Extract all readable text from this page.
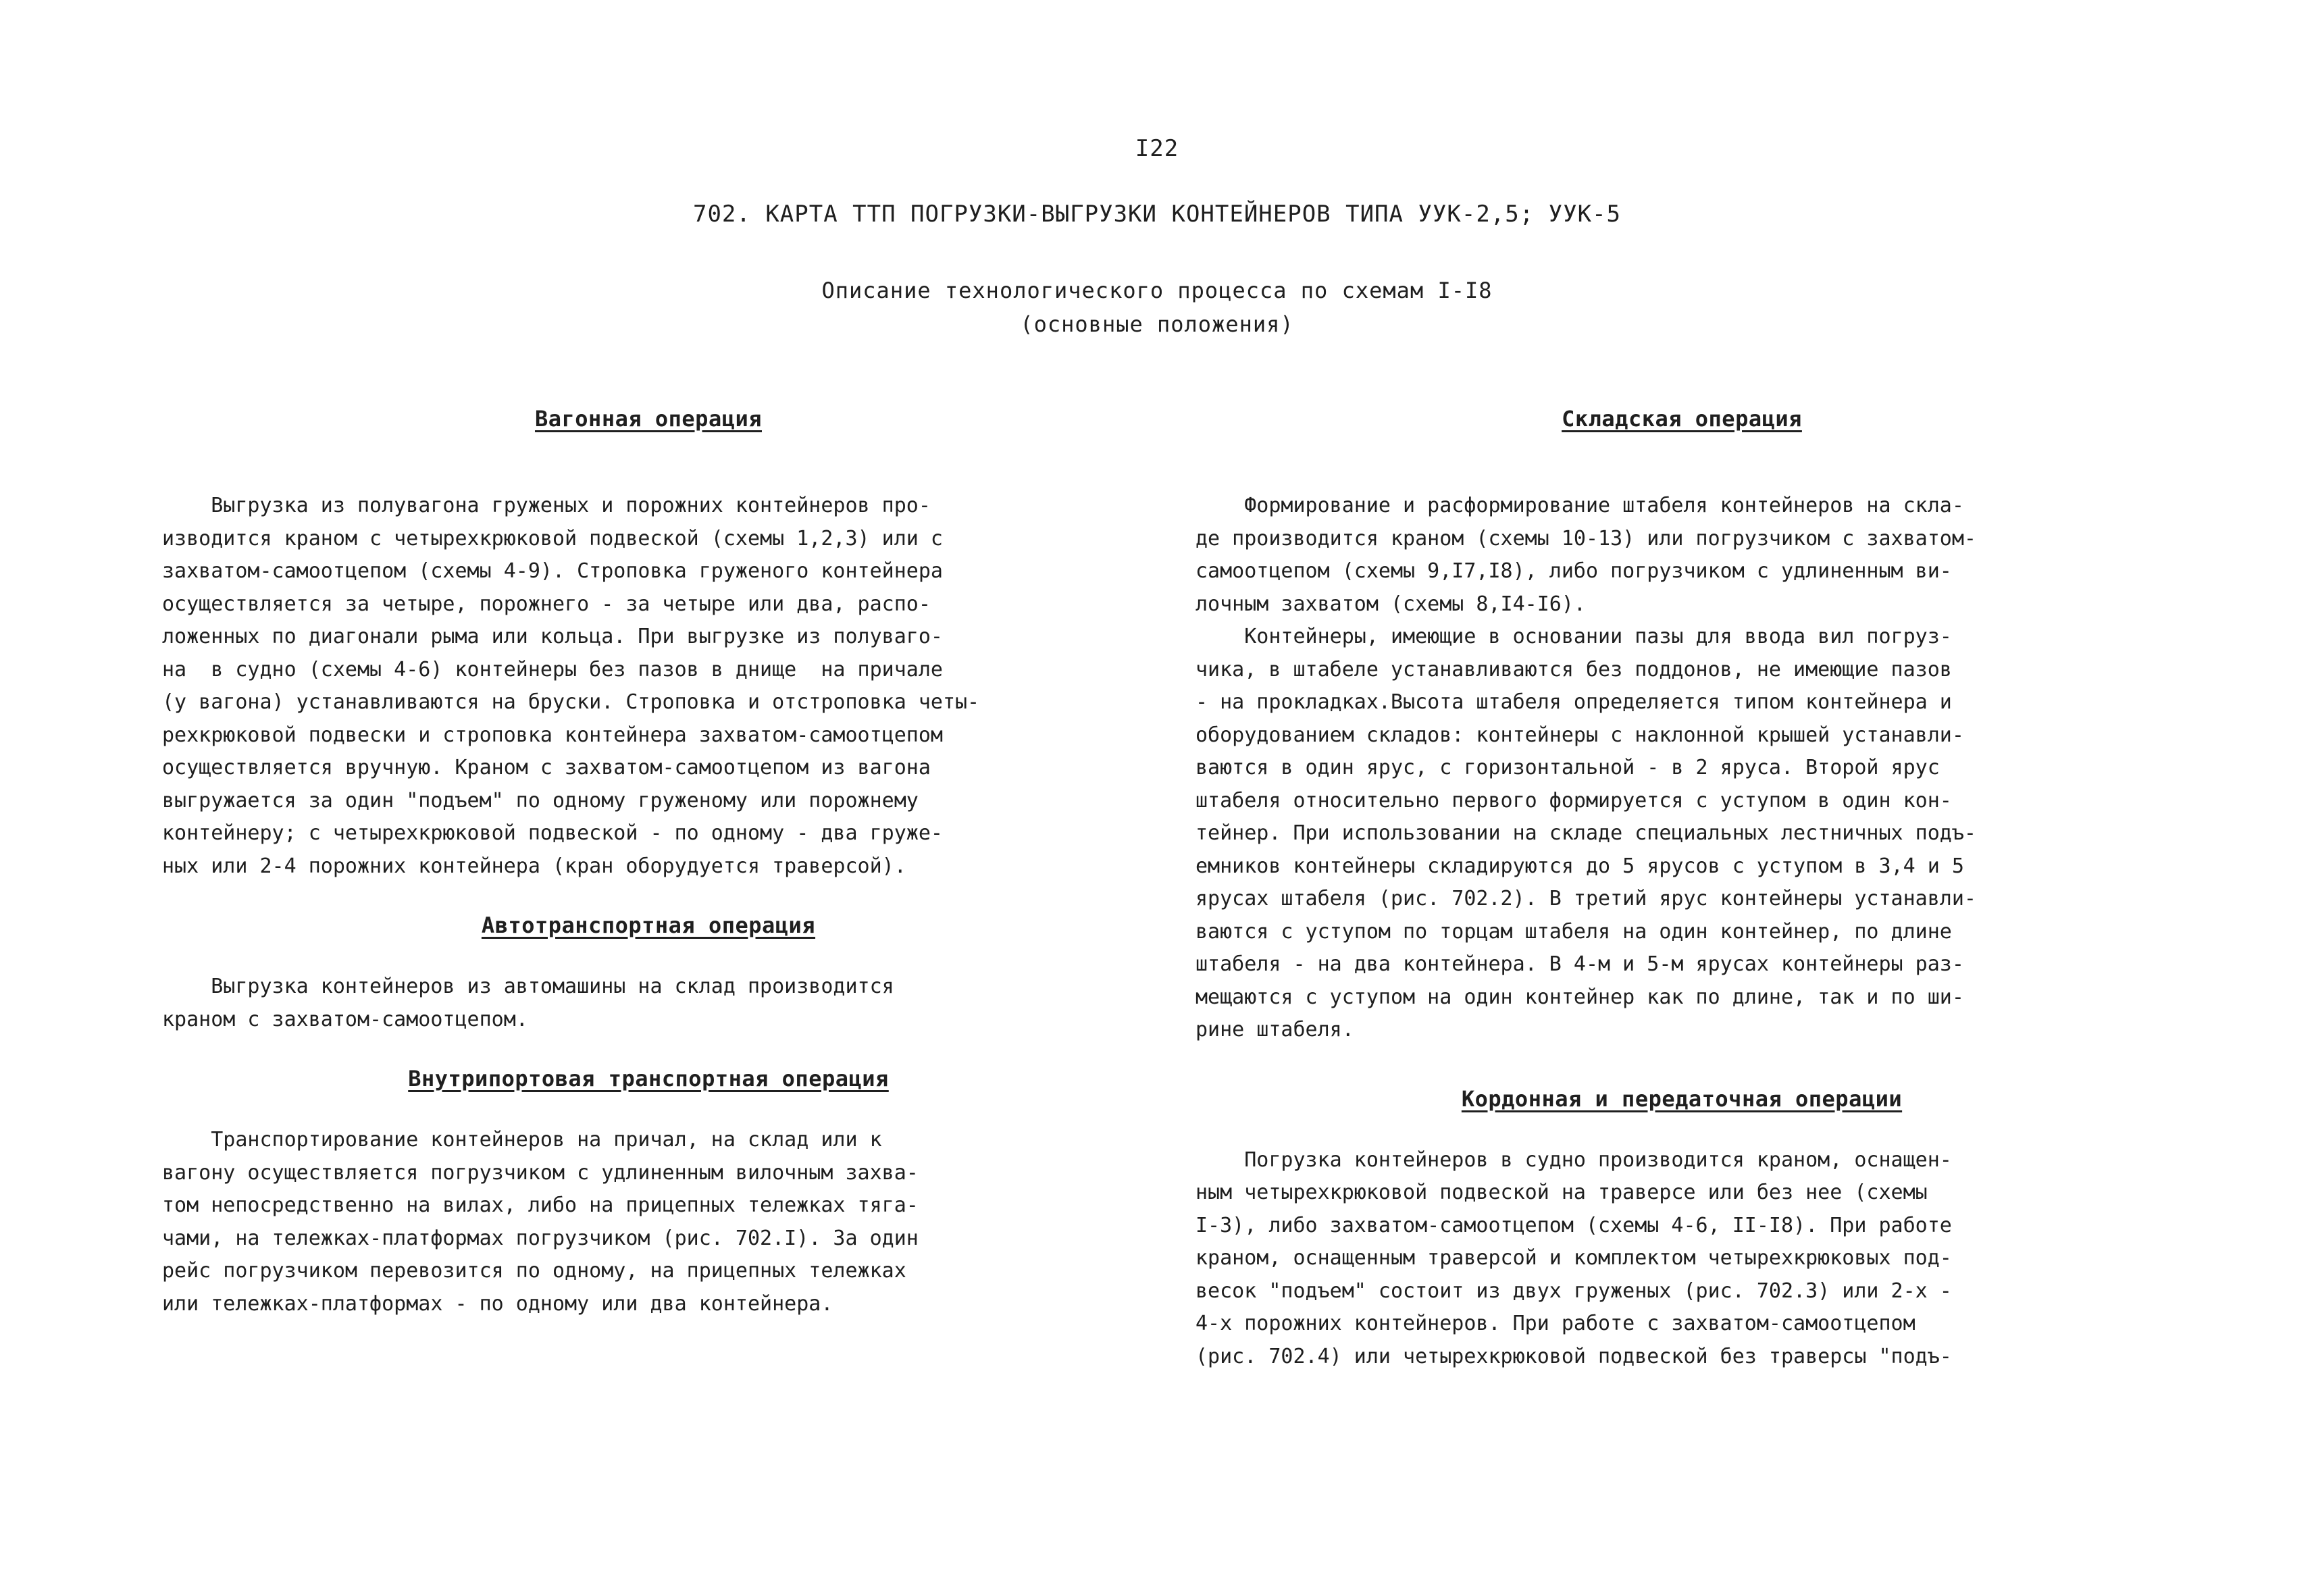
I22
702. КАРТА ТТП ПОГРУЗКИ-ВЫГРУЗКИ КОНТЕЙНЕРОВ ТИПА УУК-2,5; УУК-5
Описание технологического процесса по схемам I-I8
(основные положения)
Вагонная операция
Выгрузка из полувагона груженых и порожних контейнеров про-
изводится краном с четырехкрюковой подвеской (схемы 1,2,3) или с
захватом-самоотцепом (схемы 4-9). Строповка груженого контейнера
осуществляется за четыре, порожнего - за четыре или два, распо-
ложенных по диагонали рыма или кольца. При выгрузке из полуваго-
на  в судно (схемы 4-6) контейнеры без пазов в днище  на причале
(у вагона) устанавливаются на бруски. Строповка и отстроповка четы-
рехкрюковой подвески и строповка контейнера захватом-самоотцепом
осуществляется вручную. Краном с захватом-самоотцепом из вагона
выгружается за один "подъем" по одному груженому или порожнему
контейнеру; с четырехкрюковой подвеской - по одному - два груже-
ных или 2-4 порожних контейнера (кран оборудуется траверсой).
Автотранспортная операция
Выгрузка контейнеров из автомашины на склад производится
краном с захватом-самоотцепом.
Внутрипортовая транспортная операция
Транспортирование контейнеров на причал, на склад или к
вагону осуществляется погрузчиком с удлиненным вилочным захва-
том непосредственно на вилах, либо на прицепных тележках тяга-
чами, на тележках-платформах погрузчиком (рис. 702.I). За один
рейс погрузчиком перевозится по одному, на прицепных тележках
или тележках-платформах - по одному или два контейнера.
Складская операция
Формирование и расформирование штабеля контейнеров на скла-
де производится краном (схемы 10-13) или погрузчиком с захватом-
самоотцепом (схемы 9,I7,I8), либо погрузчиком с удлиненным ви-
лочным захватом (схемы 8,I4-I6).
Контейнеры, имеющие в основании пазы для ввода вил погруз-
чика, в штабеле устанавливаются без поддонов, не имеющие пазов
- на прокладках.Высота штабеля определяется типом контейнера и
оборудованием складов: контейнеры с наклонной крышей устанавли-
ваются в один ярус, с горизонтальной - в 2 яруса. Второй ярус
штабеля относительно первого формируется с уступом в один кон-
тейнер. При использовании на складе специальных лестничных подъ-
емников контейнеры складируются до 5 ярусов с уступом в 3,4 и 5
ярусах штабеля (рис. 702.2). В третий ярус контейнеры устанавли-
ваются с уступом по торцам штабеля на один контейнер, по длине
штабеля - на два контейнера. В 4-м и 5-м ярусах контейнеры раз-
мещаются с уступом на один контейнер как по длине, так и по ши-
рине штабеля.
Кордонная и передаточная операции
Погрузка контейнеров в судно производится краном, оснащен-
ным четырехкрюковой подвеской на траверсе или без нее (схемы
I-3), либо захватом-самоотцепом (схемы 4-6, II-I8). При работе
краном, оснащенным траверсой и комплектом четырехкрюковых под-
весок "подъем" состоит из двух груженых (рис. 702.3) или 2-х -
4-х порожних контейнеров. При работе с захватом-самоотцепом
(рис. 702.4) или четырехкрюковой подвеской без траверсы "подъ-
